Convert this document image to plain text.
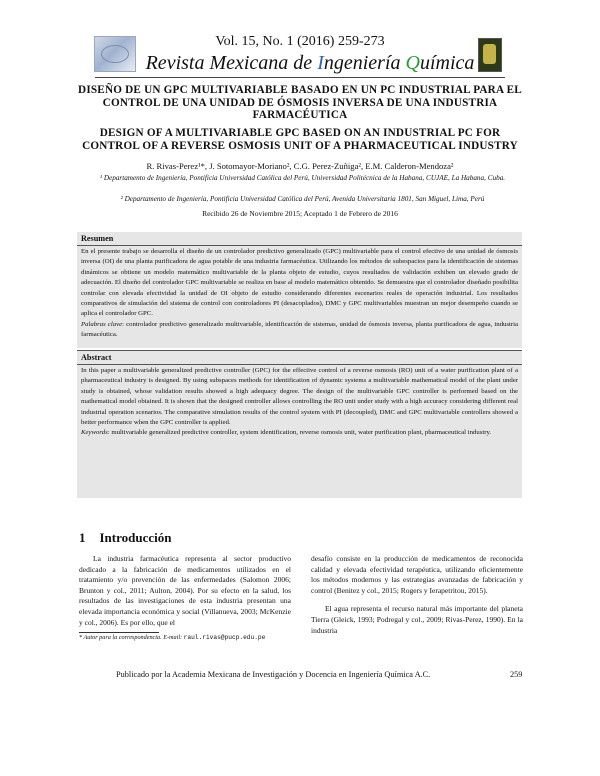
Vol. 15, No. 1 (2016) 259-273
Revista Mexicana de Ingeniería Química
DISEÑO DE UN GPC MULTIVARIABLE BASADO EN UN PC INDUSTRIAL PARA EL CONTROL DE UNA UNIDAD DE ÓSMOSIS INVERSA DE UNA INDUSTRIA FARMACÉUTICA
DESIGN OF A MULTIVARIABLE GPC BASED ON AN INDUSTRIAL PC FOR CONTROL OF A REVERSE OSMOSIS UNIT OF A PHARMACEUTICAL INDUSTRY
R. Rivas-Perez¹*, J. Sotomayor-Moriano², C.G. Perez-Zuñiga², E.M. Calderon-Mendoza²
¹ Departamento de Ingeniería, Pontificia Universidad Católica del Perú, Universidad Politécnica de la Habana, CUJAE, La Habana, Cuba.
² Departamento de Ingeniería, Pontificia Universidad Católica del Perú, Avenida Universitaria 1801, San Miguel, Lima, Perú
Recibido 26 de Noviembre 2015; Aceptado 1 de Febrero de 2016
Resumen
En el presente trabajo se desarrolla el diseño de un controlador predictivo generalizado (GPC) multivariable para el control efectivo de una unidad de ósmosis inversa (OI) de una planta purificadora de agua potable de una industria farmacéutica. Utilizando los métodos de subespacios para la identificación de sistemas dinámicos se obtiene un modelo matemático multivariable de la planta objeto de estudio, cuyos resultados de validación exhiben un elevado grado de adecuación. El diseño del controlador GPC multivariable se realiza en base al modelo matemático obtenido. Se demuestra que el controlador diseñado posibilita controlar con elevada efectividad la unidad de OI objeto de estudio considerando diferentes escenarios reales de operación industrial. Los resultados comparativos de simulación del sistema de control con controladores PI (desacoplados), DMC y GPC multivariables muestran un mejor desempeño cuando se aplica el controlador GPC.
Palabras clave: controlador predictivo generalizado multivariable, identificación de sistemas, unidad de ósmosis inversa, planta purificadora de agua, industria farmacéutica.
Abstract
In this paper a multivariable generalized predictive controller (GPC) for the effective control of a reverse osmosis (RO) unit of a water purification plant of a pharmaceutical industry is designed. By using subspaces methods for identification of dynamic systems a multivariable mathematical model of the plant under study is obtained, whose validation results showed a high adequacy degree. The design of the multivariable GPC controller is performed based on the mathematical model obtained. It is shown that the designed controller allows controlling the RO unit under study with a high accuracy considering different real industrial operation scenarios. The comparative simulation results of the control system with PI (decoupled), DMC and GPC multivariable controllers showed a better performance when the GPC controller is applied.
Keywords: multivariable generalized predictive controller, system identification, reverse osmosis unit, water purification plant, pharmaceutical industry.
1 Introducción

La industria farmacéutica representa al sector productivo dedicado a la fabricación de medicamentos utilizados en el tratamiento y/o prevención de las enfermedades (Salomon 2006; Brunton y col., 2011; Aulton, 2004). Por su efecto en la salud, los resultados de las investigaciones de esta industria presentan una elevada importancia económica y social (Villanueva, 2003; McKenzie y col., 2006). Es por ello, que el

desafío consiste en la producción de medicamentos de reconocida calidad y elevada efectividad terapéutica, utilizando eficientemente los métodos modernos y las estrategias avanzadas de fabricación y control (Benitez y col., 2015; Rogers y Ierapetritou, 2015).

El agua representa el recurso natural más importante del planeta Tierra (Gleick, 1993; Podregal y col., 2009; Rivas-Perez, 1990). En la industria

* Autor para la correspondencia. E-mail: raul.rivas@pucp.edu.pe
Publicado por la Academia Mexicana de Investigación y Docencia en Ingeniería Química A.C.	259
